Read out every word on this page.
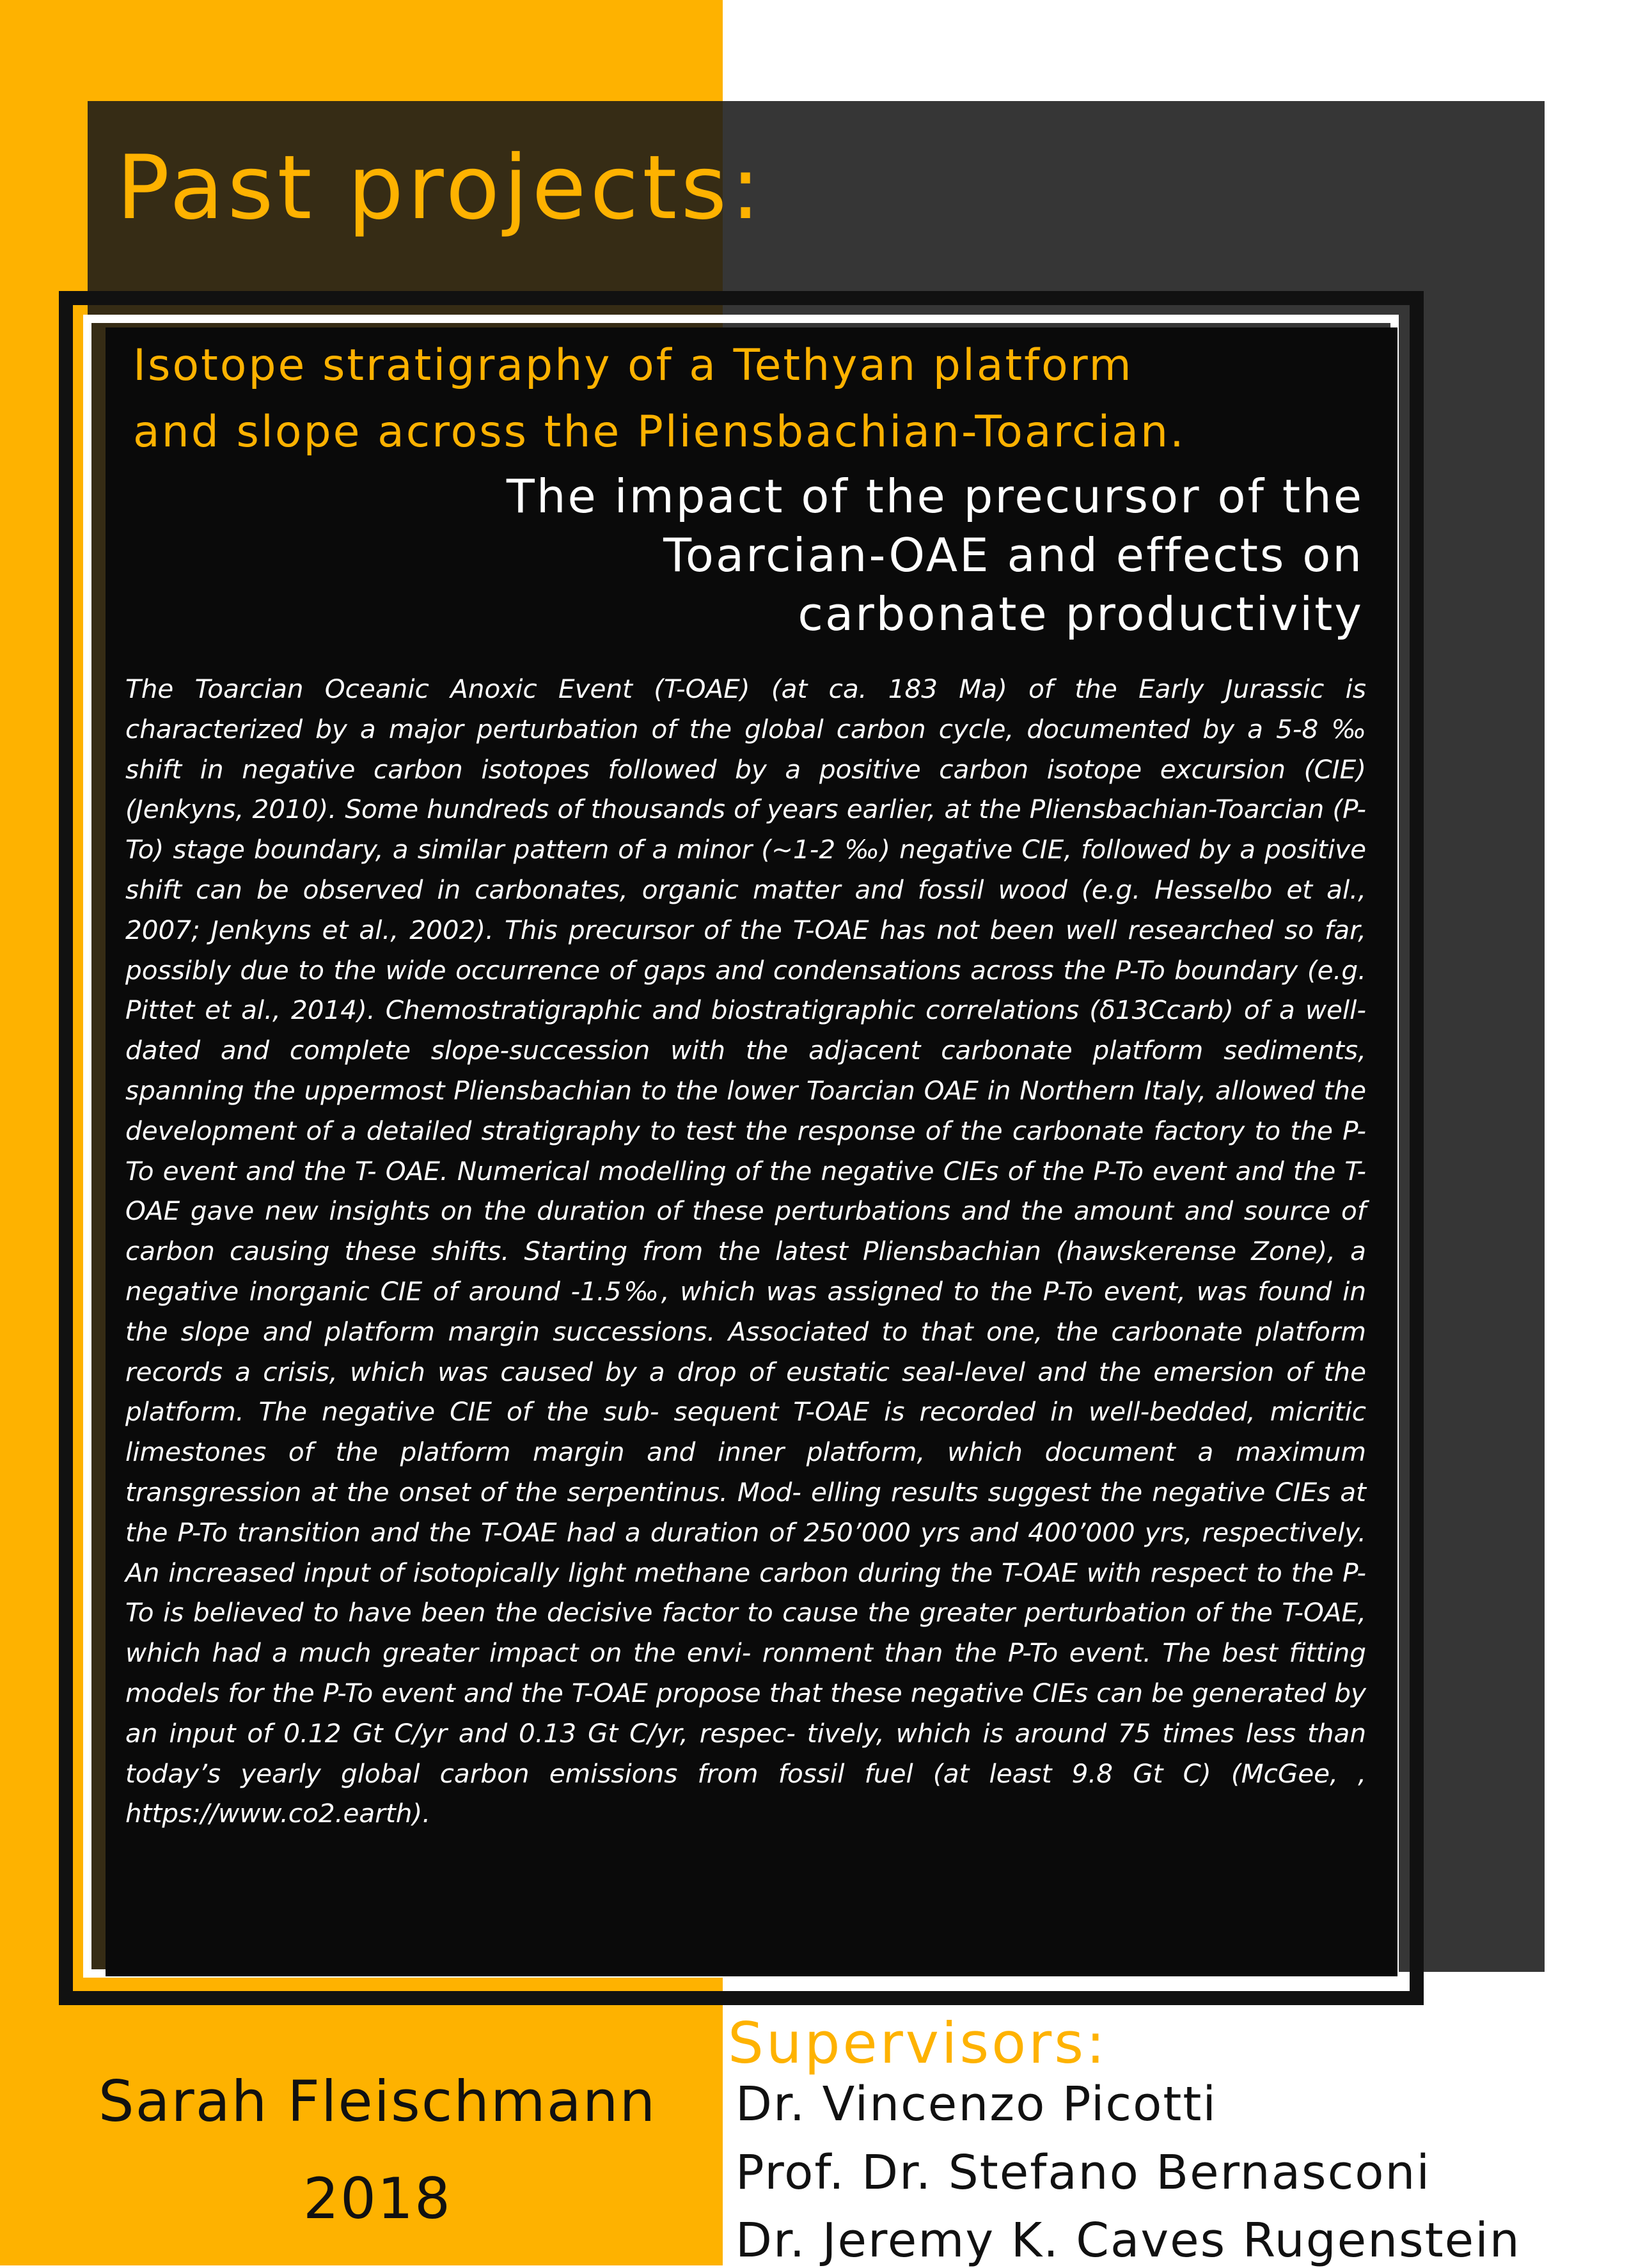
Past projects:
Isotope stratigraphy of a Tethyan platform
and slope across the Pliensbachian-Toarcian.
The impact of the precursor of the
Toarcian-OAE and effects on
carbonate productivity

The Toarcian Oceanic Anoxic Event (T-OAE) (at ca. 183 Ma) of the Early Jurassic is characterized by a major perturbation of the global carbon cycle, documented by a 5-8 ‰ shift in negative carbon isotopes followed by a positive carbon isotope excursion (CIE) (Jenkyns, 2010). Some hundreds of thousands of years earlier, at the Pliensbachian-Toarcian (P-To) stage boundary, a similar pattern of a minor (~1-2 ‰) negative CIE, followed by a positive shift can be observed in carbonates, organic matter and fossil wood (e.g. Hesselbo et al., 2007; Jenkyns et al., 2002). This precursor of the T-OAE has not been well researched so far, possibly due to the wide occurrence of gaps and condensations across the P-To boundary (e.g. Pittet et al., 2014). Chemostratigraphic and biostratigraphic correlations (δ13Ccarb) of a well-dated and complete slope-succession with the adjacent carbonate platform sediments, spanning the uppermost Pliensbachian to the lower Toarcian OAE in Northern Italy, allowed the development of a detailed stratigraphy to test the response of the carbonate factory to the P-To event and the T- OAE. Numerical modelling of the negative CIEs of the P-To event and the T-OAE gave new insights on the duration of these perturbations and the amount and source of carbon causing these shifts. Starting from the latest Pliensbachian (hawskerense Zone), a negative inorganic CIE of around -1.5‰, which was assigned to the P-To event, was found in the slope and platform margin successions. Associated to that one, the carbonate platform records a crisis, which was caused by a drop of eustatic seal-level and the emersion of the platform. The negative CIE of the sub- sequent T-OAE is recorded in well-bedded, micritic limestones of the platform margin and inner platform, which document a maximum transgression at the onset of the serpentinus. Mod- elling results suggest the negative CIEs at the P-To transition and the T-OAE had a duration of 250’000 yrs and 400’000 yrs, respectively. An increased input of isotopically light methane carbon during the T-OAE with respect to the P-To is believed to have been the decisive factor to cause the greater perturbation of the T-OAE, which had a much greater impact on the envi- ronment than the P-To event. The best fitting models for the P-To event and the T-OAE propose that these negative CIEs can be generated by an input of 0.12 Gt C/yr and 0.13 Gt C/yr, respec- tively, which is around 75 times less than today’s yearly global carbon emissions from fossil fuel (at least 9.8 Gt C) (McGee, , https://www.co2.earth).

Sarah Fleischmann

2018

Supervisors:

Dr. Vincenzo Picotti

Prof. Dr. Stefano Bernasconi

Dr. Jeremy K. Caves Rugenstein
